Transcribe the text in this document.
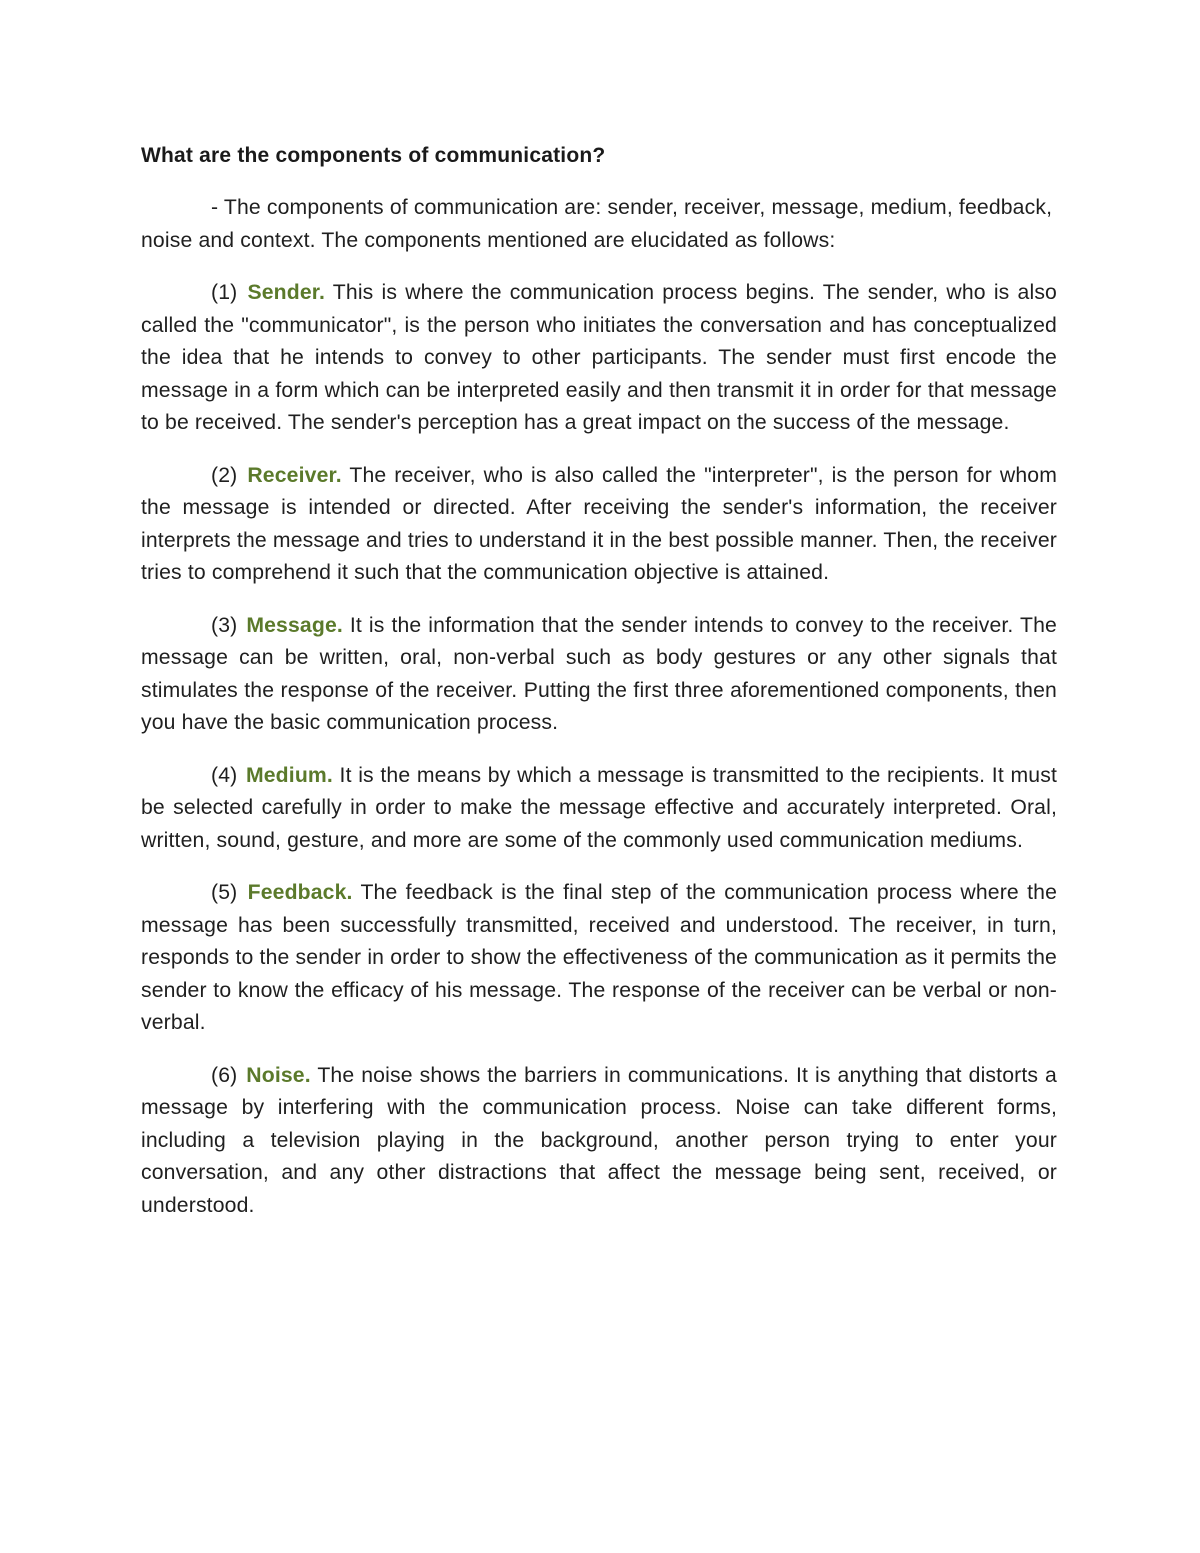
What are the components of communication?

- The components of communication are: sender, receiver, message, medium, feedback, noise and context. The components mentioned are elucidated as follows:

(1) Sender. This is where the communication process begins. The sender, who is also called the "communicator", is the person who initiates the conversation and has conceptualized the idea that he intends to convey to other participants. The sender must first encode the message in a form which can be interpreted easily and then transmit it in order for that message to be received. The sender's perception has a great impact on the success of the message.

(2) Receiver. The receiver, who is also called the "interpreter", is the person for whom the message is intended or directed. After receiving the sender's information, the receiver interprets the message and tries to understand it in the best possible manner. Then, the receiver tries to comprehend it such that the communication objective is attained.

(3) Message. It is the information that the sender intends to convey to the receiver. The message can be written, oral, non-verbal such as body gestures or any other signals that stimulates the response of the receiver. Putting the first three aforementioned components, then you have the basic communication process.

(4) Medium. It is the means by which a message is transmitted to the recipients. It must be selected carefully in order to make the message effective and accurately interpreted. Oral, written, sound, gesture, and more are some of the commonly used communication mediums.

(5) Feedback. The feedback is the final step of the communication process where the message has been successfully transmitted, received and understood. The receiver, in turn, responds to the sender in order to show the effectiveness of the communication as it permits the sender to know the efficacy of his message. The response of the receiver can be verbal or non-verbal.

(6) Noise. The noise shows the barriers in communications. It is anything that distorts a message by interfering with the communication process. Noise can take different forms, including a television playing in the background, another person trying to enter your conversation, and any other distractions that affect the message being sent, received, or understood.
